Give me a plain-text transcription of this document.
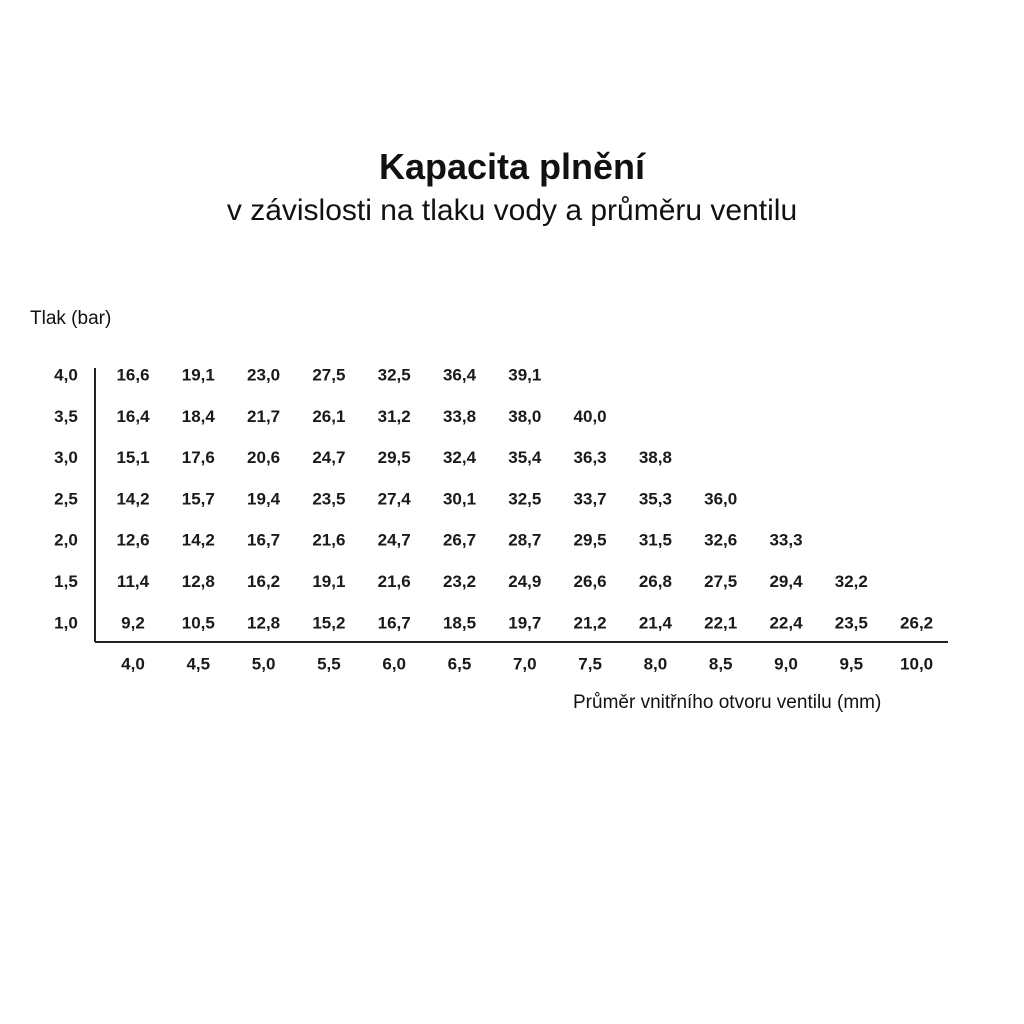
Kapacita plnění
v závislosti na tlaku vody a průměru ventilu
Tlak (bar)
Průměr vnitřního otvoru ventilu (mm)
16,6 19,1 23,0 27,5 32,5 36,4 39,1
16,4 18,4 21,7 26,1 31,2 33,8 38,0 40,0
15,1 17,6 20,6 24,7 29,5 32,4 35,4 36,3 38,8
14,2 15,7 19,4 23,5 27,4 30,1 32,5 33,7 35,3 36,0
12,6 14,2 16,7 21,6 24,7 26,7 28,7 29,5 31,5 32,6 33,3
11,4 12,8 16,2 19,1 21,6 23,2 24,9 26,6 26,8 27,5 29,4 32,2
9,2 10,5 12,8 15,2 16,7 18,5 19,7 21,2 21,4 22,1 22,4 23,5 26,2
4,0
3,5
3,0
2,5
2,0
1,5
1,0
4,0 4,5 5,0 5,5 6,0 6,5 7,0 7,5 8,0 8,5 9,0 9,5 10,0
